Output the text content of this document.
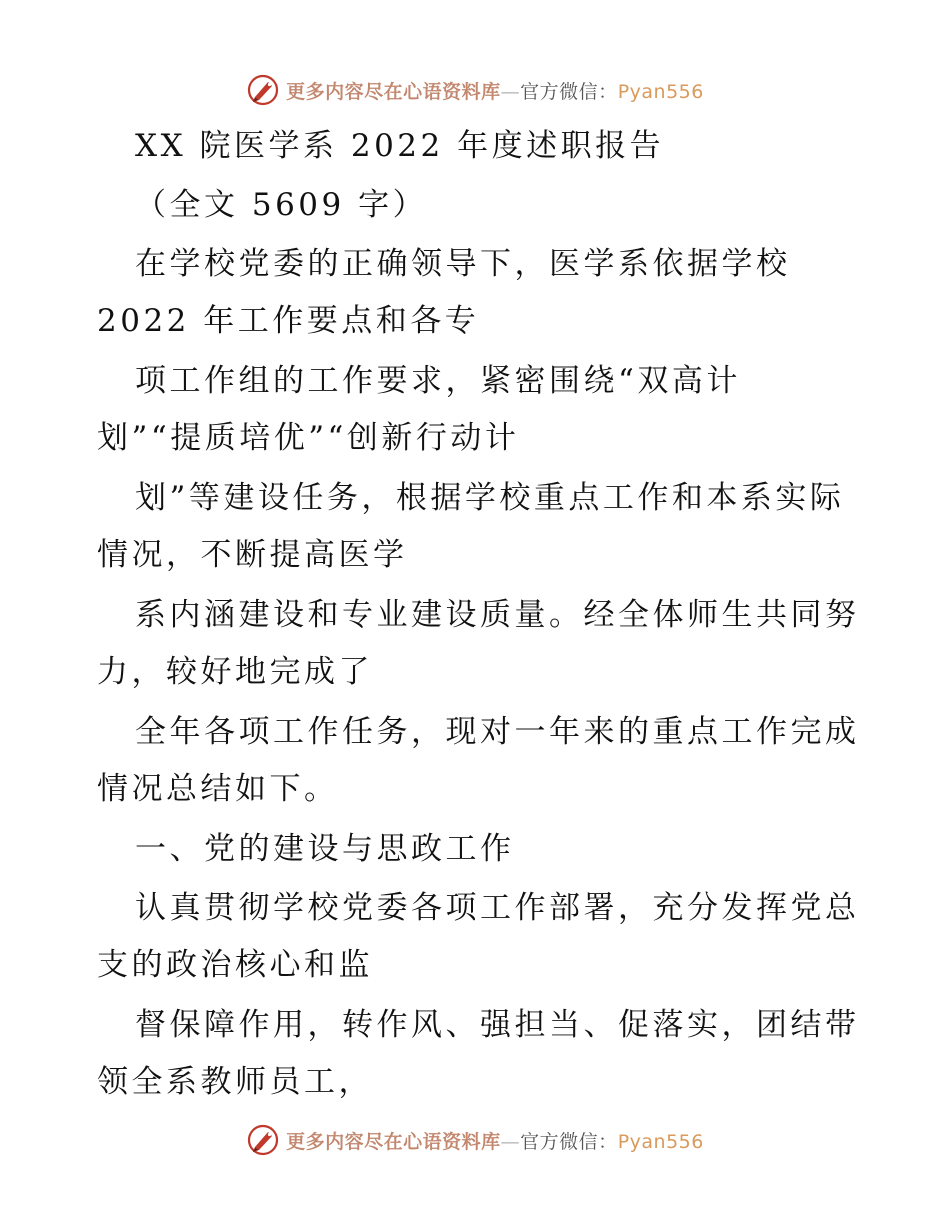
更多内容尽在心语资料库—官方微信：Pyan556
XX 院医学系 2022 年度述职报告
（全文 5609 字）
在学校党委的正确领导下，医学系依据学校
2022 年工作要点和各专
项工作组的工作要求，紧密围绕“双高计
划”“提质培优”“创新行动计
划”等建设任务，根据学校重点工作和本系实际
情况，不断提高医学
系内涵建设和专业建设质量。经全体师生共同努
力，较好地完成了
全年各项工作任务，现对一年来的重点工作完成
情况总结如下。
一、党的建设与思政工作
认真贯彻学校党委各项工作部署，充分发挥党总
支的政治核心和监
督保障作用，转作风、强担当、促落实，团结带
领全系教师员工，
更多内容尽在心语资料库—官方微信：Pyan556
